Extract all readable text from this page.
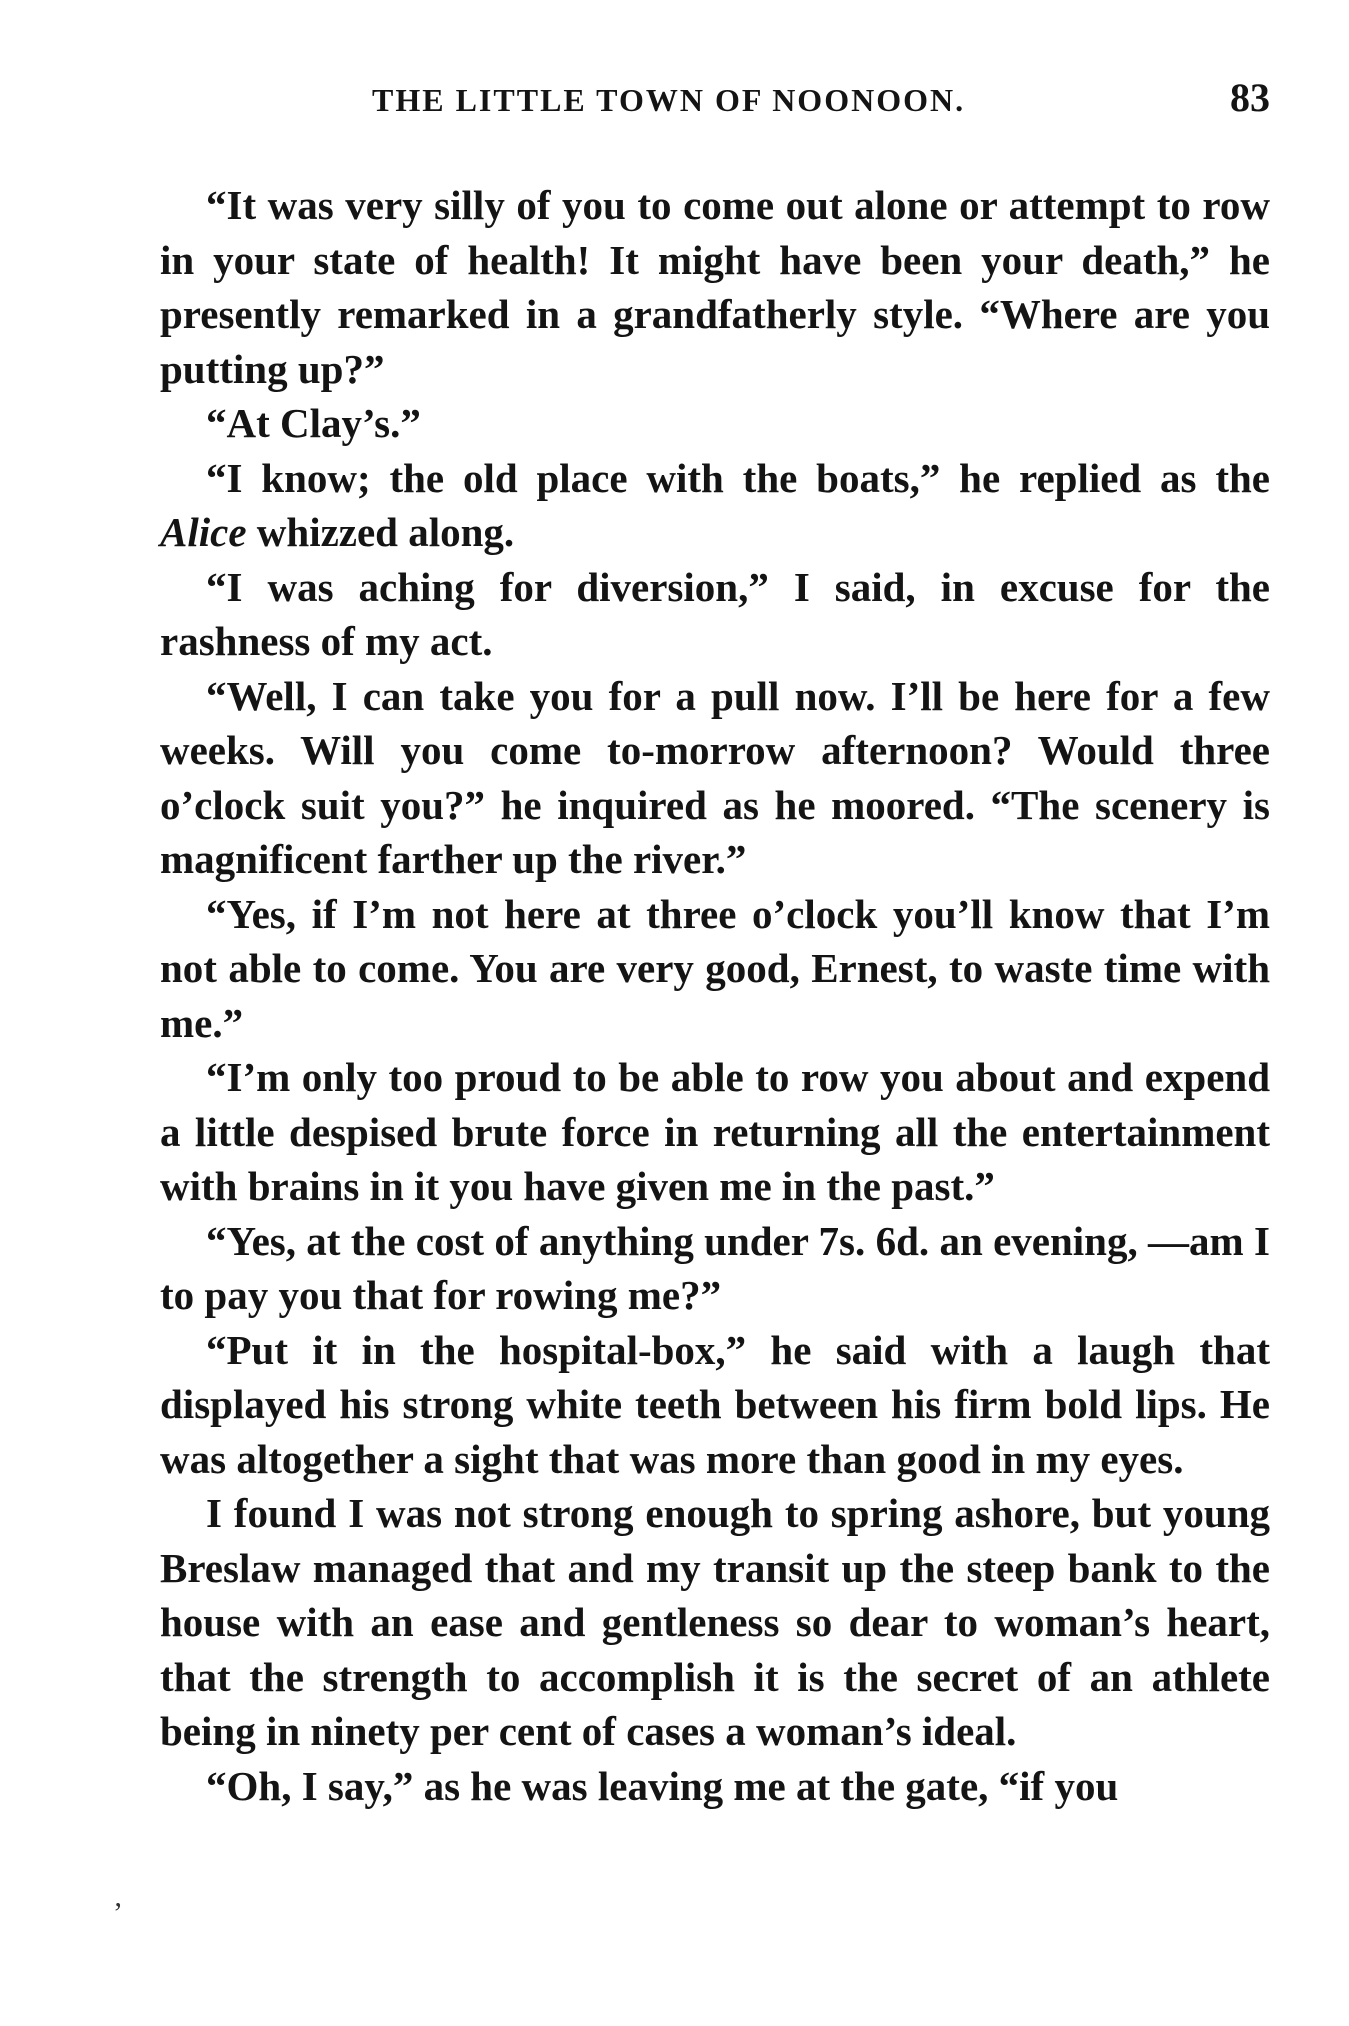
THE LITTLE TOWN OF NOONOON.	83

“It was very silly of you to come out alone or attempt to row in your state of health! It might have been your death,” he presently remarked in a grandfatherly style. “Where are you putting up?”

“At Clay’s.”

“I know; the old place with the boats,” he replied as the Alice whizzed along.

“I was aching for diversion,” I said, in excuse for the rashness of my act.

“Well, I can take you for a pull now. I’ll be here for a few weeks. Will you come to-morrow afternoon? Would three o’clock suit you?” he inquired as he moored. “The scenery is magnificent farther up the river.”

“Yes, if I’m not here at three o’clock you’ll know that I’m not able to come. You are very good, Ernest, to waste time with me.”

“I’m only too proud to be able to row you about and expend a little despised brute force in returning all the entertainment with brains in it you have given me in the past.”

“Yes, at the cost of anything under 7s. 6d. an evening, —am I to pay you that for rowing me?”

“Put it in the hospital-box,” he said with a laugh that displayed his strong white teeth between his firm bold lips. He was altogether a sight that was more than good in my eyes.

I found I was not strong enough to spring ashore, but young Breslaw managed that and my transit up the steep bank to the house with an ease and gentleness so dear to woman’s heart, that the strength to accomplish it is the secret of an athlete being in ninety per cent of cases a woman’s ideal.

“Oh, I say,” as he was leaving me at the gate, “if you

‚
